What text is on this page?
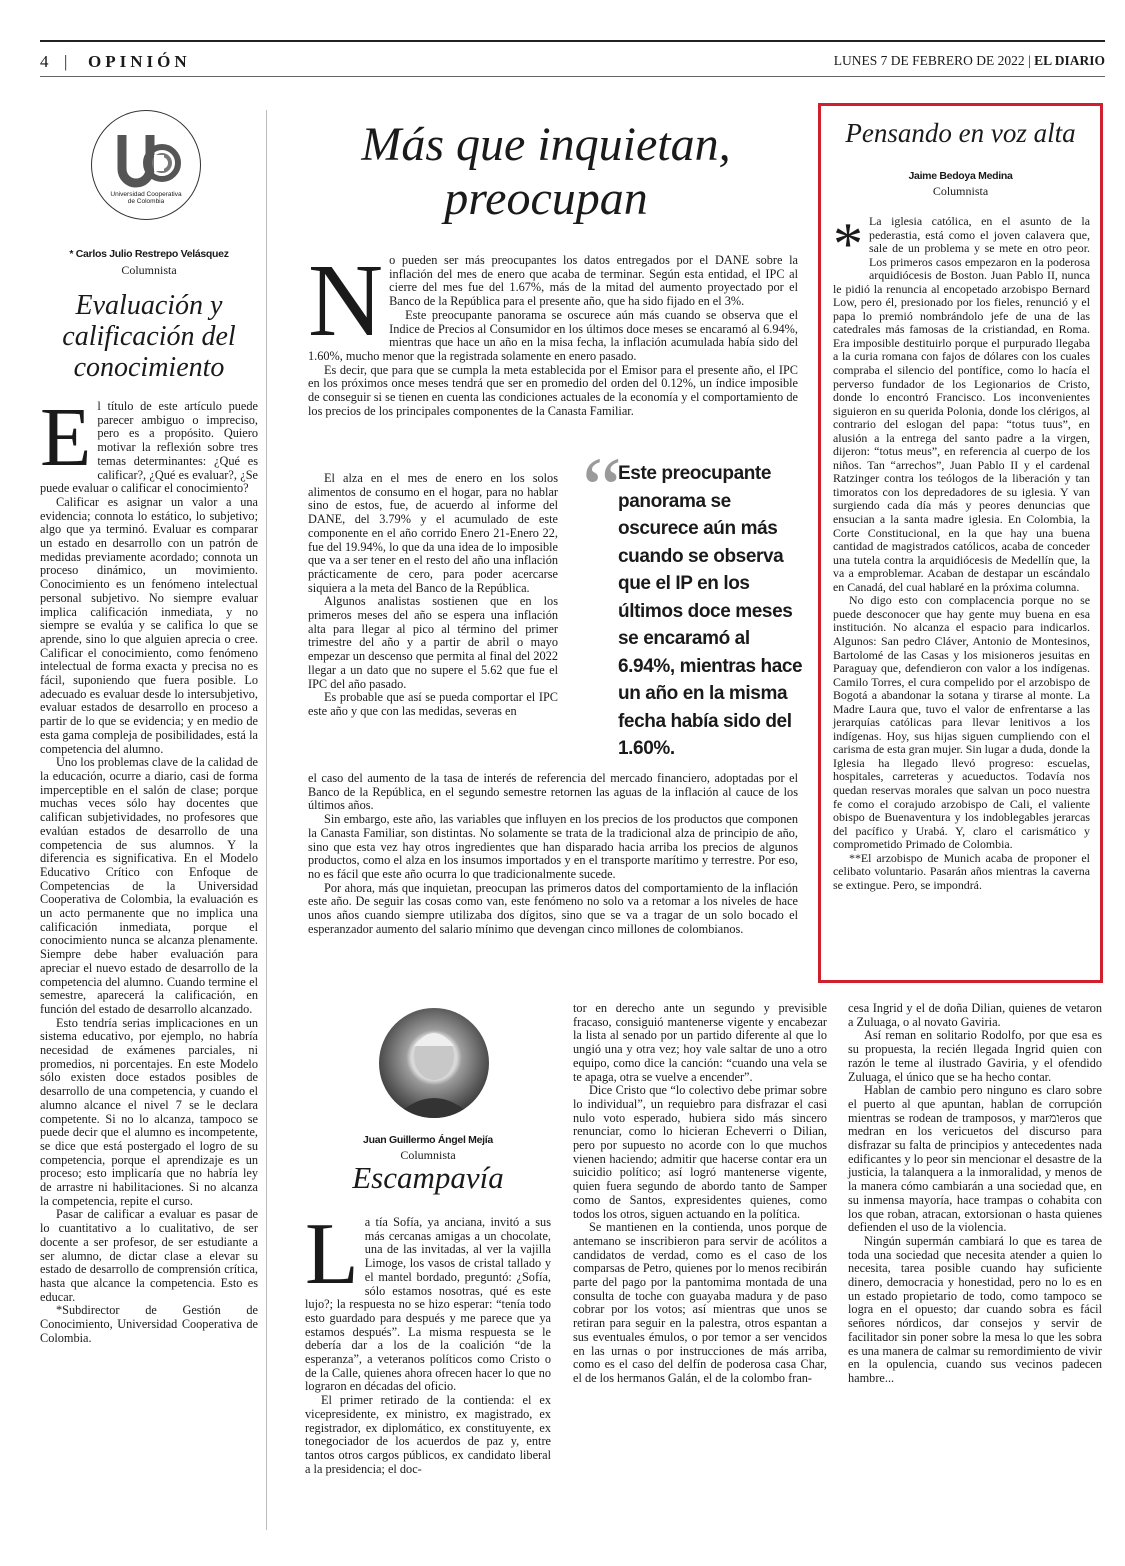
4 | OPINIÓN	LUNES 7 DE FEBRERO DE 2022 | EL DIARIO
Universidad Cooperativa de Colombia
* Carlos Julio Restrepo Velásquez
Columnista
Evaluación y calificación del conocimiento
E l título de este artículo puede parecer ambiguo o impreciso, pero es a propósito. Quiero motivar la reflexión sobre tres temas determinantes: ¿Qué es calificar?, ¿Qué es evaluar?, ¿Se puede evaluar o calificar el conocimiento?

Calificar es asignar un valor a una evidencia; connota lo estático, lo subjetivo; algo que ya terminó. Evaluar es comparar un estado en desarrollo con un patrón de medidas previamente acordado; connota un proceso dinámico, un movimiento. Conocimiento es un fenómeno intelectual personal subjetivo. No siempre evaluar implica calificación inmediata, y no siempre se evalúa y se califica lo que se aprende, sino lo que alguien aprecia o cree. Calificar el conocimiento, como fenómeno intelectual de forma exacta y precisa no es fácil, suponiendo que fuera posible. Lo adecuado es evaluar desde lo intersubjetivo, evaluar estados de desarrollo en proceso a partir de lo que se evidencia; y en medio de esta gama compleja de posibilidades, está la competencia del alumno.

Uno los problemas clave de la calidad de la educación, ocurre a diario, casi de forma imperceptible en el salón de clase; porque muchas veces sólo hay docentes que califican subjetividades, no profesores que evalúan estados de desarrollo de una competencia de sus alumnos. Y la diferencia es significativa. En el Modelo Educativo Crítico con Enfoque de Competencias de la Universidad Cooperativa de Colombia, la evaluación es un acto permanente que no implica una calificación inmediata, porque el conocimiento nunca se alcanza plenamente. Siempre debe haber evaluación para apreciar el nuevo estado de desarrollo de la competencia del alumno. Cuando termine el semestre, aparecerá la calificación, en función del estado de desarrollo alcanzado.

Esto tendría serias implicaciones en un sistema educativo, por ejemplo, no habría necesidad de exámenes parciales, ni promedios, ni porcentajes. En este Modelo sólo existen doce estados posibles de desarrollo de una competencia, y cuando el alumno alcance el nivel 7 se le declara competente. Si no lo alcanza, tampoco se puede decir que el alumno es incompetente, se dice que está postergado el logro de su competencia, porque el aprendizaje es un proceso; esto implicaría que no habría ley de arrastre ni habilitaciones. Si no alcanza la competencia, repite el curso.

Pasar de calificar a evaluar es pasar de lo cuantitativo a lo cualitativo, de ser docente a ser profesor, de ser estudiante a ser alumno, de dictar clase a elevar su estado de desarrollo de comprensión crítica, hasta que alcance la competencia. Esto es educar.

*Subdirector de Gestión de Conocimiento, Universidad Cooperativa de Colombia.

Más que inquietan,
preocupan
N o pueden ser más preocupantes los datos entregados por el DANE sobre la inflación del mes de enero que acaba de terminar. Según esta entidad, el IPC al cierre del mes fue del 1.67%, más de la mitad del aumento proyectado por el Banco de la República para el presente año, que ha sido fijado en el 3%.

Este preocupante panorama se oscurece aún más cuando se observa que el Indice de Precios al Consumidor en los últimos doce meses se encaramó al 6.94%, mientras que hace un año en la misa fecha, la inflación acumulada había sido del 1.60%, mucho menor que la registrada solamente en enero pasado.

Es decir, que para que se cumpla la meta establecida por el Emisor para el presente año, el IPC en los próximos once meses tendrá que ser en promedio del orden del 0.12%, un índice imposible de conseguir si se tienen en cuenta las condiciones actuales de la economía y el comportamiento de los precios de los principales componentes de la Canasta Familiar.

El alza en el mes de enero en los solos alimentos de consumo en el hogar, para no hablar sino de estos, fue, de acuerdo al informe del DANE, del 3.79% y el acumulado de este componente en el año corrido Enero 21-Enero 22, fue del 19.94%, lo que da una idea de lo imposible que va a ser tener en el resto del año una inflación prácticamente de cero, para poder acercarse siquiera a la meta del Banco de la República.

Algunos analistas sostienen que en los primeros meses del año se espera una inflación alta para llegar al pico al término del primer trimestre del año y a partir de abril o mayo empezar un descenso que permita al final del 2022 llegar a un dato que no supere el 5.62 que fue el IPC del año pasado.

Es probable que así se pueda comportar el IPC este año y que con las medidas, severas en

“
Este preocupante panorama se oscurece aún más cuando se observa que el IP en los últimos doce meses se encaramó al 6.94%, mientras hace un año en la misma fecha había sido del 1.60%.

el caso del aumento de la tasa de interés de referencia del mercado financiero, adoptadas por el Banco de la República, en el segundo semestre retornen las aguas de la inflación al cauce de los últimos años.

Sin embargo, este año, las variables que influyen en los precios de los productos que componen la Canasta Familiar, son distintas. No solamente se trata de la tradicional alza de principio de año, sino que esta vez hay otros ingredientes que han disparado hacia arriba los precios de algunos productos, como el alza en los insumos importados y en el transporte marítimo y terrestre. Por eso, no es fácil que este año ocurra lo que tradicionalmente sucede.

Por ahora, más que inquietan, preocupan las primeros datos del comportamiento de la inflación este año. De seguir las cosas como van, este fenómeno no solo va a retomar a los niveles de hace unos años cuando siempre utilizaba dos dígitos, sino que se va a tragar de un solo bocado el esperanzador aumento del salario mínimo que devengan cinco millones de colombianos.

Pensando en voz alta
Jaime Bedoya Medina
Columnista
* La iglesia católica, en el asunto de la pederastia, está como el joven calavera que, sale de un problema y se mete en otro peor. Los primeros casos empezaron en la poderosa arquidiócesis de Boston. Juan Pablo II, nunca le pidió la renuncia al encopetado arzobispo Bernard Low, pero él, presionado por los fieles, renunció y el papa lo premió nombrándolo jefe de una de las catedrales más famosas de la cristiandad, en Roma. Era imposible destituirlo porque el purpurado llegaba a la curia romana con fajos de dólares con los cuales compraba el silencio del pontífice, como lo hacía el perverso fundador de los Legionarios de Cristo, donde lo encontró Francisco. Los inconvenientes siguieron en su querida Polonia, donde los clérigos, al contrario del eslogan del papa: “totus tuus”, en alusión a la entrega del santo padre a la virgen, dijeron: “totus meus”, en referencia al cuerpo de los niños. Tan “arrechos”, Juan Pablo II y el cardenal Ratzinger contra los teólogos de la liberación y tan timoratos con los depredadores de su iglesia. Y van surgiendo cada día más y peores denuncias que ensucian a la santa madre iglesia. En Colombia, la Corte Constitucional, en la que hay una buena cantidad de magistrados católicos, acaba de conceder una tutela contra la arquidiócesis de Medellín que, la va a emproblemar. Acaban de destapar un escándalo en Canadá, del cual hablaré en la próxima columna.

No digo esto con complacencia porque no se puede desconocer que hay gente muy buena en esa institución. No alcanza el espacio para indicarlos. Algunos: San pedro Cláver, Antonio de Montesinos, Bartolomé de las Casas y los misioneros jesuitas en Paraguay que, defendieron con valor a los indígenas. Camilo Torres, el cura compelido por el arzobispo de Bogotá a abandonar la sotana y tirarse al monte. La Madre Laura que, tuvo el valor de enfrentarse a las jerarquías católicas para llevar lenitivos a los indígenas. Hoy, sus hijas siguen cumpliendo con el carisma de esta gran mujer. Sin lugar a duda, donde la Iglesia ha llegado llevó progreso: escuelas, hospitales, carreteras y acueductos. Todavía nos quedan reservas morales que salvan un poco nuestra fe como el corajudo arzobispo de Cali, el valiente obispo de Buenaventura y los indoblegables jerarcas del pacífico y Urabá. Y, claro el carismático y comprometido Primado de Colombia.

**El arzobispo de Munich acaba de proponer el celibato voluntario. Pasarán años mientras la caverna se extingue. Pero, se impondrá.

Juan Guillermo Ángel Mejía
Columnista
Escampavía
L a tía Sofía, ya anciana, invitó a sus más cercanas amigas a un chocolate, una de las invitadas, al ver la vajilla Limoge, los vasos de cristal tallado y el mantel bordado, preguntó: ¿Sofía, sólo estamos nosotras, qué es este lujo?; la respuesta no se hizo esperar: “tenía todo esto guardado para después y me parece que ya estamos después”. La misma respuesta se le debería dar a los de la coalición “de la esperanza”, a veteranos políticos como Cristo o de la Calle, quienes ahora ofrecen hacer lo que no lograron en décadas del oficio.

El primer retirado de la contienda: el ex vicepresidente, ex ministro, ex magistrado, ex registrador, ex diplomático, ex constituyente, ex tonegociador de los acuerdos de paz y, entre tantos otros cargos públicos, ex candidato liberal a la presidencia; el doc-

tor en derecho ante un segundo y previsible fracaso, consiguió mantenerse vigente y encabezar la lista al senado por un partido diferente al que lo ungió una y otra vez; hoy vale saltar de uno a otro equipo, como dice la canción: “cuando una vela se te apaga, otra se vuelve a encender”.

Dice Cristo que “lo colectivo debe primar sobre lo individual”, un requiebro para disfrazar el casi nulo voto esperado, hubiera sido más sincero renunciar, como lo hicieran Echeverri o Dilian, pero por supuesto no acorde con lo que muchos vienen haciendo; admitir que hacerse contar era un suicidio político; así logró mantenerse vigente, quien fuera segundo de abordo tanto de Samper como de Santos, expresidentes quienes, como todos los otros, siguen actuando en la política.

Se mantienen en la contienda, unos porque de antemano se inscribieron para servir de acólitos a candidatos de verdad, como es el caso de los comparsas de Petro, quienes por lo menos recibirán parte del pago por la pantomima montada de una consulta de toche con guayaba madura y de paso cobrar por los votos; así mientras que unos se retiran para seguir en la palestra, otros espantan a sus eventuales émulos, o por temor a ser vencidos en las urnas o por instrucciones de más arriba, como es el caso del delfín de poderosa casa Char, el de los hermanos Galán, el de la colombo fran-

cesa Ingrid y el de doña Dilian, quienes de vetaron a Zuluaga, o al novato Gaviria.

Así reman en solitario Rodolfo, por que esa es su propuesta, la recién llegada Ingrid quien con razón le teme al ilustrado Gaviria, y el ofendido Zuluaga, el único que se ha hecho contar.

Hablan de cambio pero ninguno es claro sobre el puerto al que apuntan, hablan de corrupción mientras se rodean de tramposos, y marומeros que medran en los vericuetos del discurso para disfrazar su falta de principios y antecedentes nada edificantes y lo peor sin mencionar el desastre de la justicia, la talanquera a la inmoralidad, y menos de la manera cómo cambiarán a una sociedad que, en su inmensa mayoría, hace trampas o cohabita con los que roban, atracan, extorsionan o hasta quienes defienden el uso de la violencia.

Ningún supermán cambiará lo que es tarea de toda una sociedad que necesita atender a quien lo necesita, tarea posible cuando hay suficiente dinero, democracia y honestidad, pero no lo es en un estado propietario de todo, como tampoco se logra en el opuesto; dar cuando sobra es fácil señores nórdicos, dar consejos y servir de facilitador sin poner sobre la mesa lo que les sobra es una manera de calmar su remordimiento de vivir en la opulencia, cuando sus vecinos padecen hambre...
